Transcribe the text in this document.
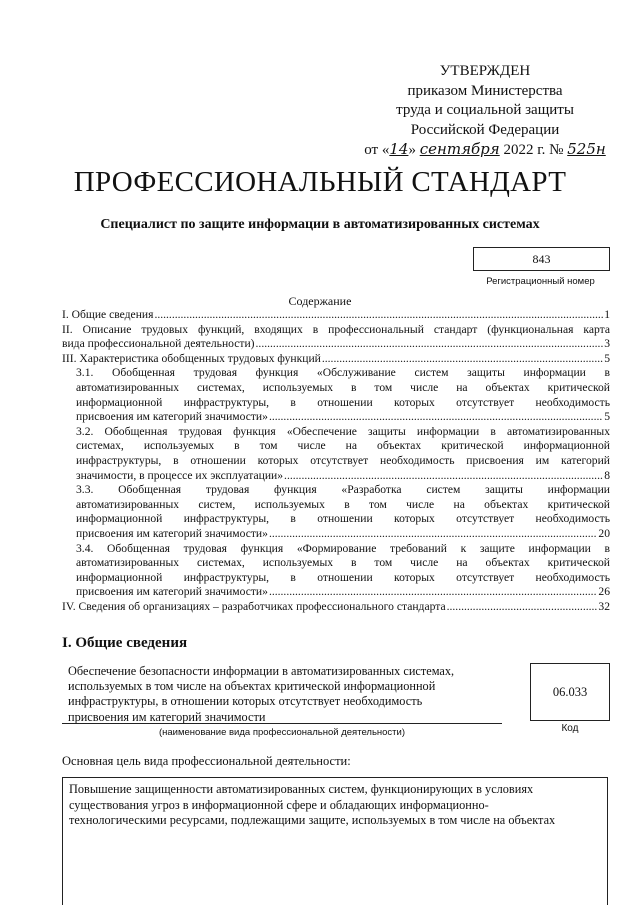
УТВЕРЖДЕН
приказом Министерства
труда и социальной защиты
Российской Федерации
от «14» сентября 2022 г. № 525н
ПРОФЕССИОНАЛЬНЫЙ СТАНДАРТ
Специалист по защите информации в автоматизированных системах
843
Регистрационный номер
Содержание
I. Общие сведения .....	1
II. Описание трудовых функций, входящих в профессиональный стандарт (функциональная карта
вида профессиональной деятельности) .....	3
III. Характеристика обобщенных трудовых функций .....	5
3.1. Обобщенная трудовая функция «Обслуживание систем защиты информации в
автоматизированных системах, используемых в том числе на объектах критической
информационной инфраструктуры, в отношении которых отсутствует необходимость
присвоения им категорий значимости» .....	5
3.2. Обобщенная трудовая функция «Обеспечение защиты информации в автоматизированных
системах, используемых в том числе на объектах критической информационной
инфраструктуры, в отношении которых отсутствует необходимость присвоения им категорий
значимости, в процессе их эксплуатации» .....	8
3.3. Обобщенная трудовая функция «Разработка систем защиты информации
автоматизированных систем, используемых в том числе на объектах критической
информационной инфраструктуры, в отношении которых отсутствует необходимость
присвоения им категорий значимости» .....	20
3.4. Обобщенная трудовая функция «Формирование требований к защите информации в
автоматизированных системах, используемых в том числе на объектах критической
информационной инфраструктуры, в отношении которых отсутствует необходимость
присвоения им категорий значимости» .....	26
IV. Сведения об организациях – разработчиках профессионального стандарта .....	32
I. Общие сведения
Обеспечение безопасности информации в автоматизированных системах,
используемых в том числе на объектах критической информационной
инфраструктуры, в отношении которых отсутствует необходимость
присвоения им категорий значимости
(наименование вида профессиональной деятельности)
06.033
Код
Основная цель вида профессиональной деятельности:
Повышение защищенности автоматизированных систем, функционирующих в условиях
существования угроз в информационной сфере и обладающих информационно-
технологическими ресурсами, подлежащими защите, используемых в том числе на объектах
